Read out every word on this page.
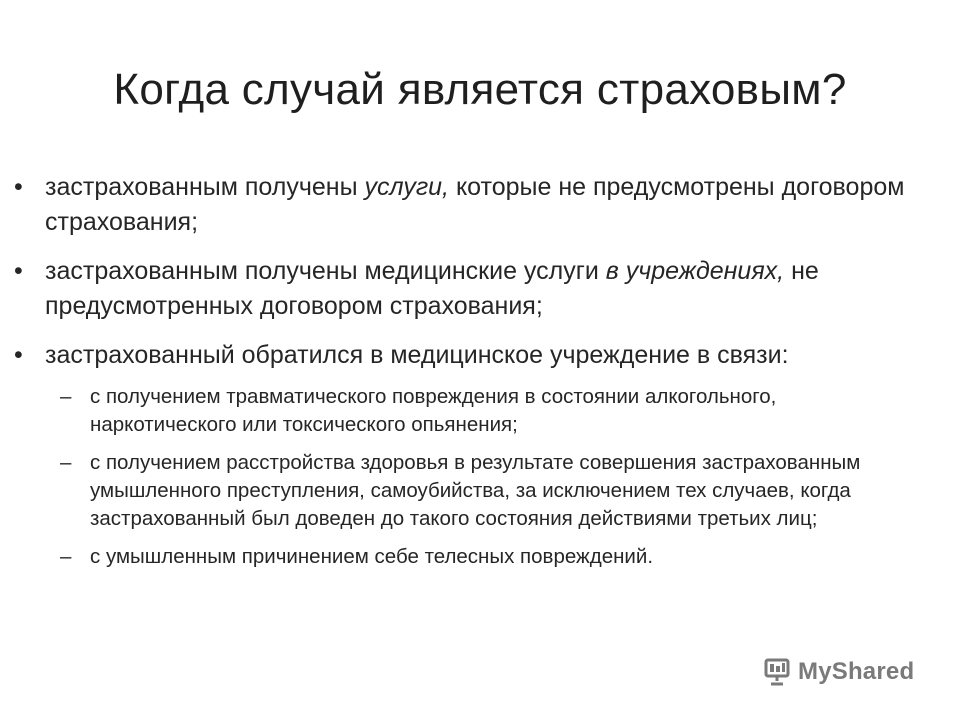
Когда случай является страховым?
• застрахованным получены услуги, которые не предусмотрены договором страхования;
• застрахованным получены медицинские услуги в учреждениях, не предусмотренных договором страхования;
• застрахованный обратился в медицинское учреждение в связи:
– с получением травматического повреждения в состоянии алкогольного, наркотического или токсического опьянения;
– с получением расстройства здоровья в результате совершения застрахованным умышленного преступления, самоубийства, за исключением тех случаев, когда застрахованный был доведен до такого состояния действиями третьих лиц;
– с умышленным причинением себе телесных повреждений.
MyShared
